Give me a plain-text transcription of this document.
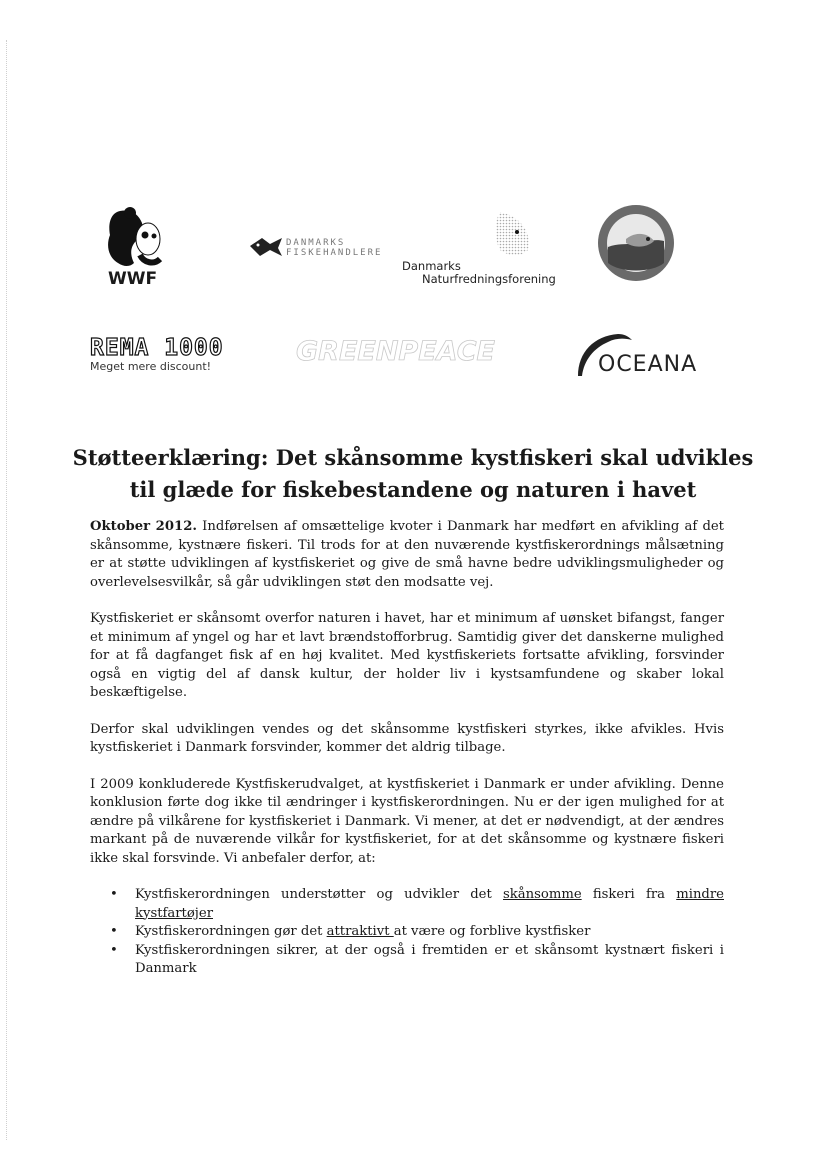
WWF
DANMARKS
FISKEHANDLERE
Danmarks
Naturfredningsforening
REMA 1000
Meget mere discount!	GREENPEACE	OCEANA
Støtteerklæring: Det skånsomme kystfiskeri skal udvikles
til glæde for fiskebestandene og naturen i havet

Oktober 2012. Indførelsen af omsættelige kvoter i Danmark har medført en afvikling af det skånsomme, kystnære fiskeri. Til trods for at den nuværende kystfiskerordnings målsætning er at støtte udviklingen af kystfiskeriet og give de små havne bedre udviklingsmuligheder og overlevelsesvilkår, så går udviklingen støt den modsatte vej.

Kystfiskeriet er skånsomt overfor naturen i havet, har et minimum af uønsket bifangst, fanger et minimum af yngel og har et lavt brændstofforbrug. Samtidig giver det danskerne mulighed for at få dagfanget fisk af en høj kvalitet. Med kystfiskeriets fortsatte afvikling, forsvinder også en vigtig del af dansk kultur, der holder liv i kystsamfundene og skaber lokal beskæftigelse.

Derfor skal udviklingen vendes og det skånsomme kystfiskeri styrkes, ikke afvikles. Hvis kystfiskeriet i Danmark forsvinder, kommer det aldrig tilbage.

I 2009 konkluderede Kystfiskerudvalget, at kystfiskeriet i Danmark er under afvikling. Denne konklusion førte dog ikke til ændringer i kystfiskerordningen. Nu er der igen mulighed for at ændre på vilkårene for kystfiskeriet i Danmark. Vi mener, at det er nødvendigt, at der ændres markant på de nuværende vilkår for kystfiskeriet, for at det skånsomme og kystnære fiskeri ikke skal forsvinde. Vi anbefaler derfor, at:

• Kystfiskerordningen understøtter og udvikler det skånsomme fiskeri fra mindre kystfartøjer
• Kystfiskerordningen gør det attraktivt at være og forblive kystfisker
• Kystfiskerordningen sikrer, at der også i fremtiden er et skånsomt kystnært fiskeri i Danmark
